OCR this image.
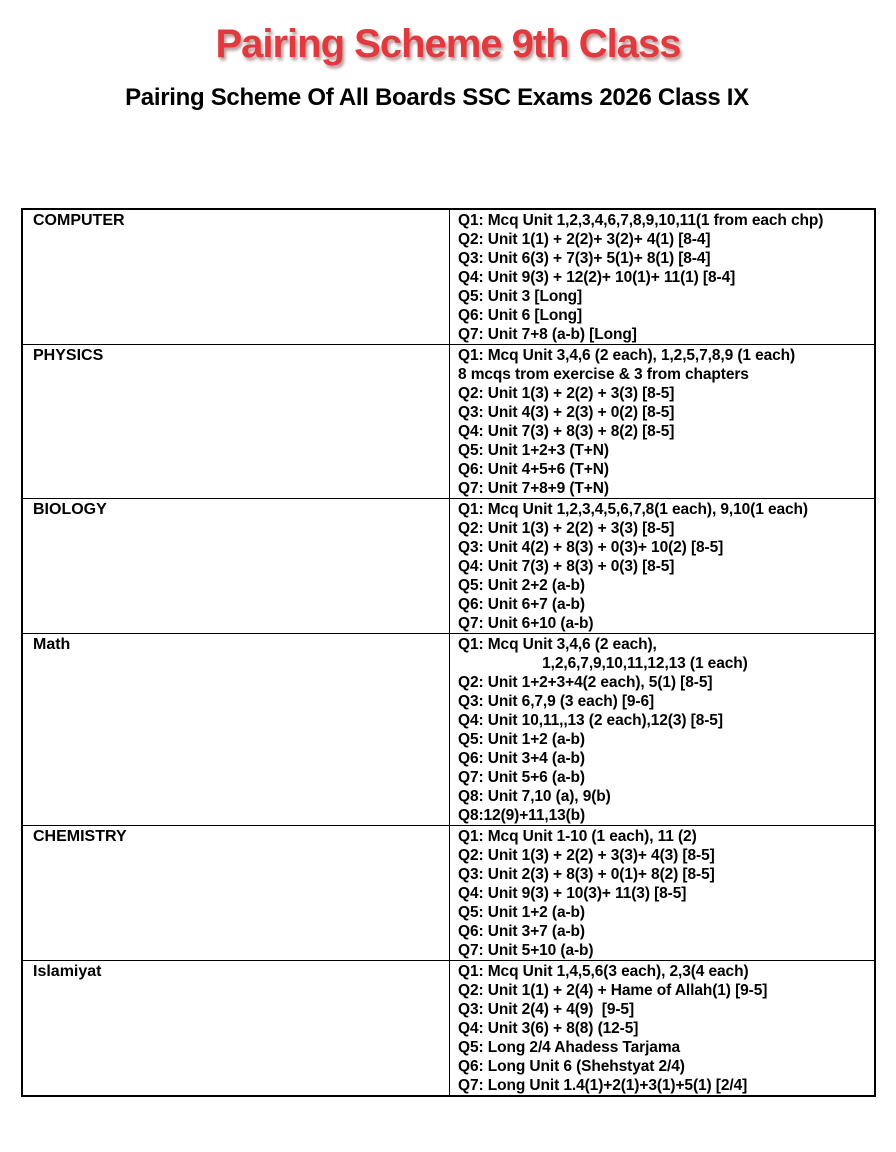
Pairing Scheme 9th Class
Pairing Scheme Of All Boards SSC Exams 2026 Class IX
COMPUTER	Q1: Mcq Unit 1,2,3,4,6,7,8,9,10,11(1 from each chp)
Q2: Unit 1(1) + 2(2)+ 3(2)+ 4(1) [8-4]
Q3: Unit 6(3) + 7(3)+ 5(1)+ 8(1) [8-4]
Q4: Unit 9(3) + 12(2)+ 10(1)+ 11(1) [8-4]
Q5: Unit 3 [Long]
Q6: Unit 6 [Long]
Q7: Unit 7+8 (a-b) [Long]

PHYSICS	Q1: Mcq Unit 3,4,6 (2 each), 1,2,5,7,8,9 (1 each)
8 mcqs trom exercise & 3 from chapters
Q2: Unit 1(3) + 2(2) + 3(3) [8-5]
Q3: Unit 4(3) + 2(3) + 0(2) [8-5]
Q4: Unit 7(3) + 8(3) + 8(2) [8-5]
Q5: Unit 1+2+3 (T+N)
Q6: Unit 4+5+6 (T+N)
Q7: Unit 7+8+9 (T+N)

BIOLOGY	Q1: Mcq Unit 1,2,3,4,5,6,7,8(1 each), 9,10(1 each)
Q2: Unit 1(3) + 2(2) + 3(3) [8-5]
Q3: Unit 4(2) + 8(3) + 0(3)+ 10(2) [8-5]
Q4: Unit 7(3) + 8(3) + 0(3) [8-5]
Q5: Unit 2+2 (a-b)
Q6: Unit 6+7 (a-b)
Q7: Unit 6+10 (a-b)

Math	Q1: Mcq Unit 3,4,6 (2 each),
1,2,6,7,9,10,11,12,13 (1 each)
Q2: Unit 1+2+3+4(2 each), 5(1) [8-5]
Q3: Unit 6,7,9 (3 each) [9-6]
Q4: Unit 10,11,,13 (2 each),12(3) [8-5]
Q5: Unit 1+2 (a-b)
Q6: Unit 3+4 (a-b)
Q7: Unit 5+6 (a-b)
Q8: Unit 7,10 (a), 9(b)
Q8:12(9)+11,13(b)

CHEMISTRY	Q1: Mcq Unit 1-10 (1 each), 11 (2)
Q2: Unit 1(3) + 2(2) + 3(3)+ 4(3) [8-5]
Q3: Unit 2(3) + 8(3) + 0(1)+ 8(2) [8-5]
Q4: Unit 9(3) + 10(3)+ 11(3) [8-5]
Q5: Unit 1+2 (a-b)
Q6: Unit 3+7 (a-b)
Q7: Unit 5+10 (a-b)

Islamiyat	Q1: Mcq Unit 1,4,5,6(3 each), 2,3(4 each)
Q2: Unit 1(1) + 2(4) + Hame of Allah(1) [9-5]
Q3: Unit 2(4) + 4(9)  [9-5]
Q4: Unit 3(6) + 8(8) (12-5]
Q5: Long 2/4 Ahadess Tarjama
Q6: Long Unit 6 (Shehstyat 2/4)
Q7: Long Unit 1.4(1)+2(1)+3(1)+5(1) [2/4]
